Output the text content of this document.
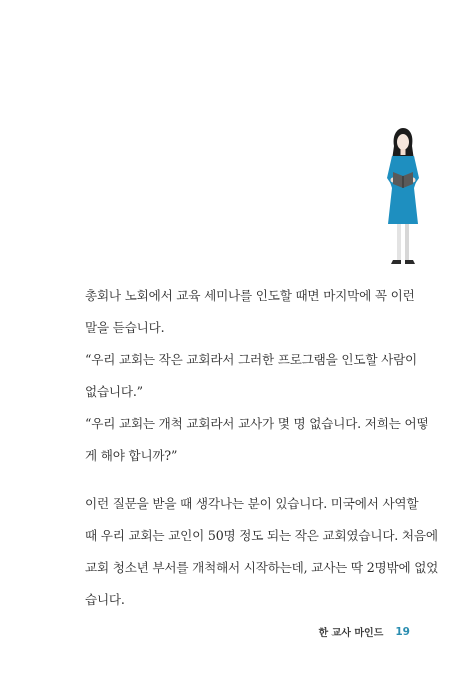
총회나 노회에서 교육 세미나를 인도할 때면 마지막에 꼭 이런
말을 듣습니다.
“우리 교회는 작은 교회라서 그러한 프로그램을 인도할 사람이
없습니다.”
“우리 교회는 개척 교회라서 교사가 몇 명 없습니다. 저희는 어떻
게 해야 합니까?”
이런 질문을 받을 때 생각나는 분이 있습니다. 미국에서 사역할
때 우리 교회는 교인이 50명 정도 되는 작은 교회였습니다. 처음에
교회 청소년 부서를 개척해서 시작하는데, 교사는 딱 2명밖에 없었
습니다.
한 교사 마인드 19
